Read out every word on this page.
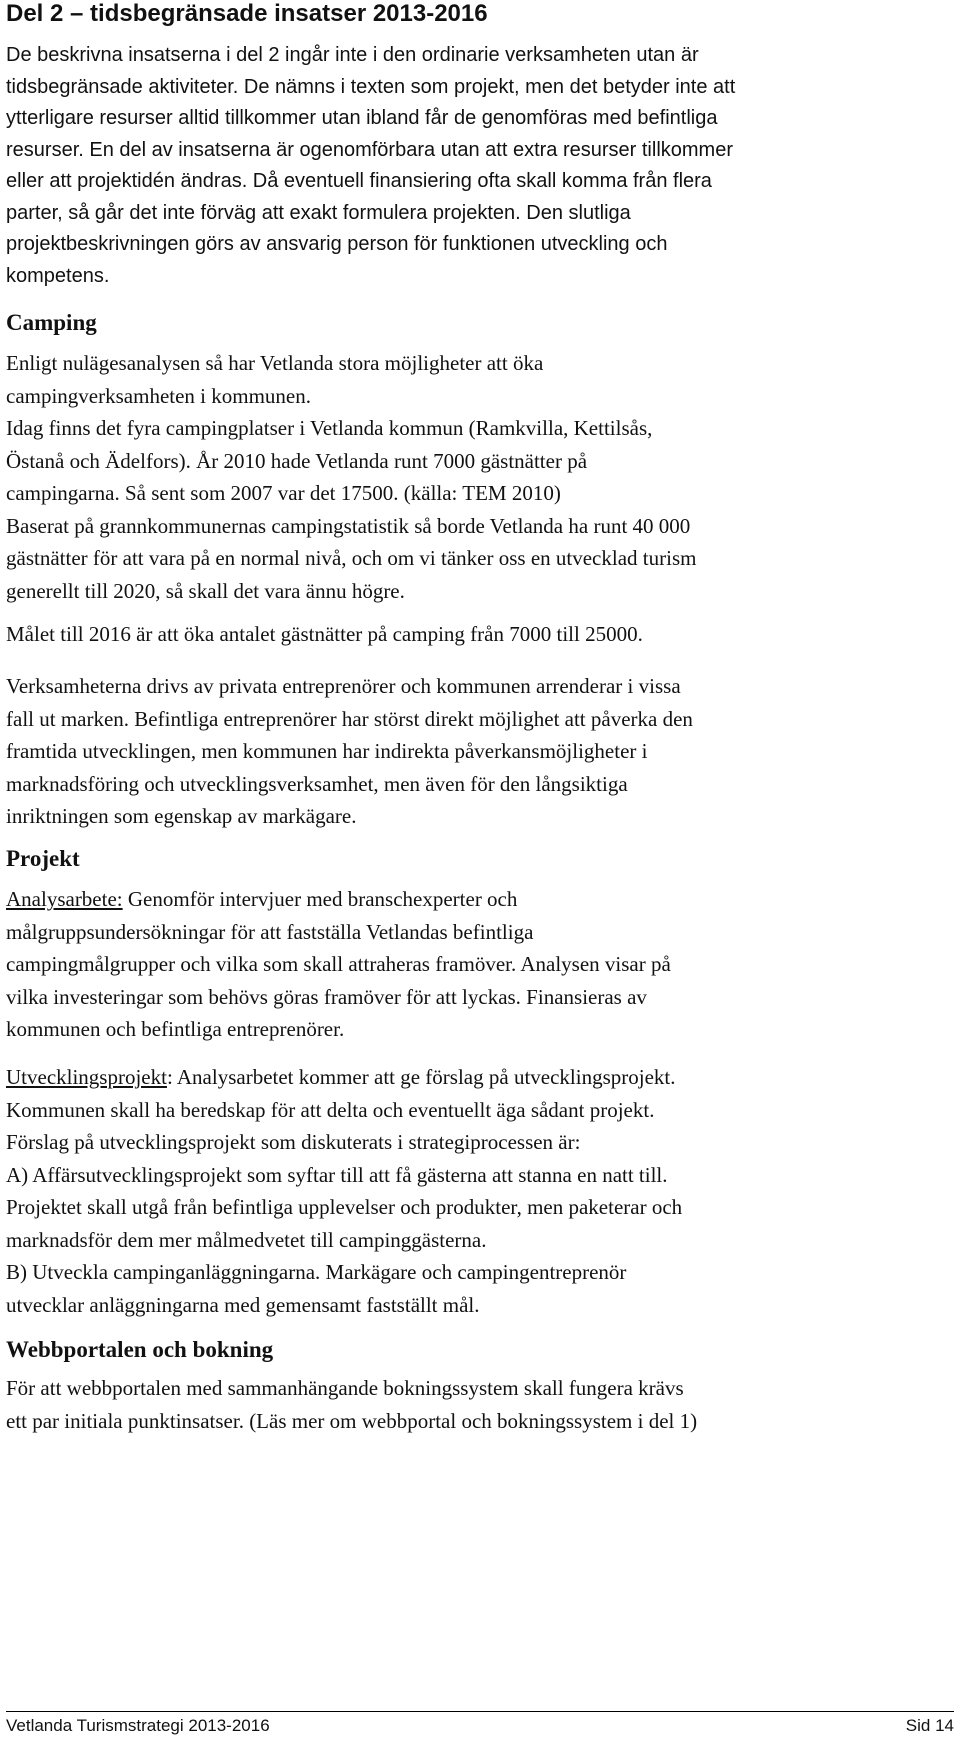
Del 2 – tidsbegränsade insatser 2013-2016

De beskrivna insatserna i del 2 ingår inte i den ordinarie verksamheten utan är
tidsbegränsade aktiviteter. De nämns i texten som projekt, men det betyder inte att
ytterligare resurser alltid tillkommer utan ibland får de genomföras med befintliga
resurser. En del av insatserna är ogenomförbara utan att extra resurser tillkommer
eller att projektidén ändras. Då eventuell finansiering ofta skall komma från flera
parter, så går det inte förväg att exakt formulera projekten. Den slutliga
projektbeskrivningen görs av ansvarig person för funktionen utveckling och
kompetens.

Camping

Enligt nulägesanalysen så har Vetlanda stora möjligheter att öka
campingverksamheten i kommunen.
Idag finns det fyra campingplatser i Vetlanda kommun (Ramkvilla, Kettilsås,
Östanå och Ädelfors). År 2010 hade Vetlanda runt 7000 gästnätter på
campingarna. Så sent som 2007 var det 17500. (källa: TEM 2010)
Baserat på grannkommunernas campingstatistik så borde Vetlanda ha runt 40 000
gästnätter för att vara på en normal nivå, och om vi tänker oss en utvecklad turism
generellt till 2020, så skall det vara ännu högre.

Målet till 2016 är att öka antalet gästnätter på camping från 7000 till 25000.

Verksamheterna drivs av privata entreprenörer och kommunen arrenderar i vissa
fall ut marken. Befintliga entreprenörer har störst direkt möjlighet att påverka den
framtida utvecklingen, men kommunen har indirekta påverkansmöjligheter i
marknadsföring och utvecklingsverksamhet, men även för den långsiktiga
inriktningen som egenskap av markägare.

Projekt

Analysarbete: Genomför intervjuer med branschexperter och
målgruppsundersökningar för att fastställa Vetlandas befintliga
campingmålgrupper och vilka som skall attraheras framöver. Analysen visar på
vilka investeringar som behövs göras framöver för att lyckas. Finansieras av
kommunen och befintliga entreprenörer.

Utvecklingsprojekt: Analysarbetet kommer att ge förslag på utvecklingsprojekt.
Kommunen skall ha beredskap för att delta och eventuellt äga sådant projekt.
Förslag på utvecklingsprojekt som diskuterats i strategiprocessen är:
A) Affärsutvecklingsprojekt som syftar till att få gästerna att stanna en natt till.
Projektet skall utgå från befintliga upplevelser och produkter, men paketerar och
marknadsför dem mer målmedvetet till campinggästerna.
B) Utveckla campinganläggningarna. Markägare och campingentreprenör
utvecklar anläggningarna med gemensamt fastställt mål.

Webbportalen och bokning

För att webbportalen med sammanhängande bokningssystem skall fungera krävs
ett par initiala punktinsatser. (Läs mer om webbportal och bokningssystem i del 1)

Vetlanda Turismstrategi 2013-2016	Sid 14
